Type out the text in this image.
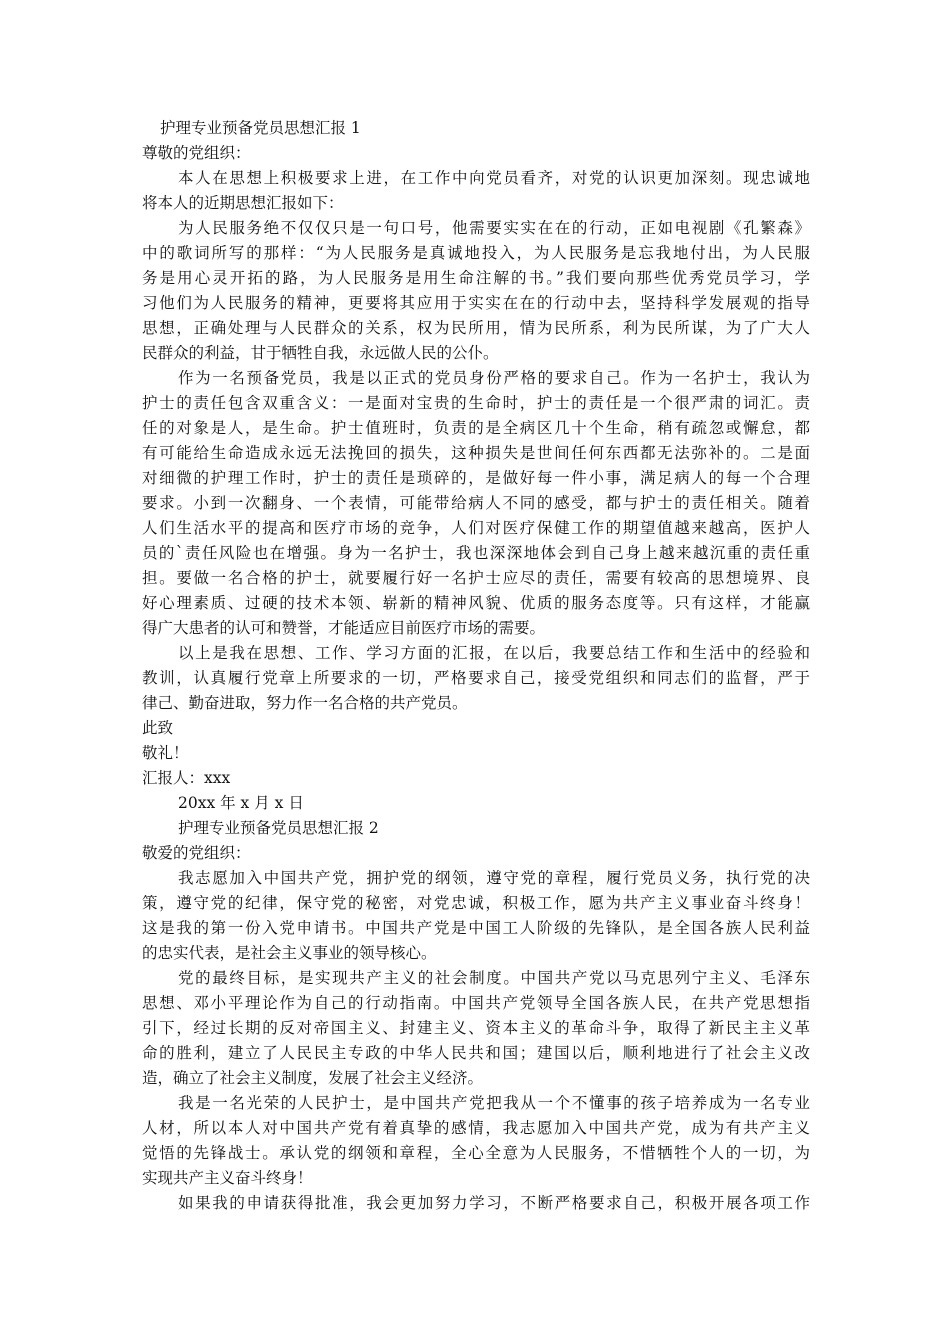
护理专业预备党员思想汇报 1
尊敬的党组织：
本人在思想上积极要求上进，在工作中向党员看齐，对党的认识更加深刻。现忠诚地
将本人的近期思想汇报如下：
为人民服务绝不仅仅只是一句口号，他需要实实在在的行动，正如电视剧《孔繁森》
中的歌词所写的那样：“为人民服务是真诚地投入，为人民服务是忘我地付出，为人民服
务是用心灵开拓的路，为人民服务是用生命注解的书。”我们要向那些优秀党员学习，学
习他们为人民服务的精神，更要将其应用于实实在在的行动中去，坚持科学发展观的指导
思想，正确处理与人民群众的关系，权为民所用，情为民所系，利为民所谋，为了广大人
民群众的利益，甘于牺牲自我，永远做人民的公仆。
作为一名预备党员，我是以正式的党员身份严格的要求自己。作为一名护士，我认为
护士的责任包含双重含义：一是面对宝贵的生命时，护士的责任是一个很严肃的词汇。责
任的对象是人，是生命。护士值班时，负责的是全病区几十个生命，稍有疏忽或懈怠，都
有可能给生命造成永远无法挽回的损失，这种损失是世间任何东西都无法弥补的。二是面
对细微的护理工作时，护士的责任是琐碎的，是做好每一件小事，满足病人的每一个合理
要求。小到一次翻身、一个表情，可能带给病人不同的感受，都与护士的责任相关。随着
人们生活水平的提高和医疗市场的竞争，人们对医疗保健工作的期望值越来越高，医护人
员的`责任风险也在增强。身为一名护士，我也深深地体会到自己身上越来越沉重的责任重
担。要做一名合格的护士，就要履行好一名护士应尽的责任，需要有较高的思想境界、良
好心理素质、过硬的技术本领、崭新的精神风貌、优质的服务态度等。只有这样，才能赢
得广大患者的认可和赞誉，才能适应目前医疗市场的需要。
以上是我在思想、工作、学习方面的汇报，在以后，我要总结工作和生活中的经验和
教训，认真履行党章上所要求的一切，严格要求自己，接受党组织和同志们的监督，严于
律己、勤奋进取，努力作一名合格的共产党员。
此致
敬礼！
汇报人：xxx
20xx 年 x 月 x 日
护理专业预备党员思想汇报 2
敬爱的党组织：
我志愿加入中国共产党，拥护党的纲领，遵守党的章程，履行党员义务，执行党的决
策，遵守党的纪律，保守党的秘密，对党忠诚，积极工作，愿为共产主义事业奋斗终身！
这是我的第一份入党申请书。中国共产党是中国工人阶级的先锋队，是全国各族人民利益
的忠实代表，是社会主义事业的领导核心。
党的最终目标，是实现共产主义的社会制度。中国共产党以马克思列宁主义、毛泽东
思想、邓小平理论作为自己的行动指南。中国共产党领导全国各族人民，在共产党思想指
引下，经过长期的反对帝国主义、封建主义、资本主义的革命斗争，取得了新民主主义革
命的胜利，建立了人民民主专政的中华人民共和国；建国以后，顺利地进行了社会主义改
造，确立了社会主义制度，发展了社会主义经济。
我是一名光荣的人民护士，是中国共产党把我从一个不懂事的孩子培养成为一名专业
人材，所以本人对中国共产党有着真挚的感情，我志愿加入中国共产党，成为有共产主义
觉悟的先锋战士。承认党的纲领和章程，全心全意为人民服务，不惜牺牲个人的一切，为
实现共产主义奋斗终身！
如果我的申请获得批准，我会更加努力学习，不断严格要求自己，积极开展各项工作
